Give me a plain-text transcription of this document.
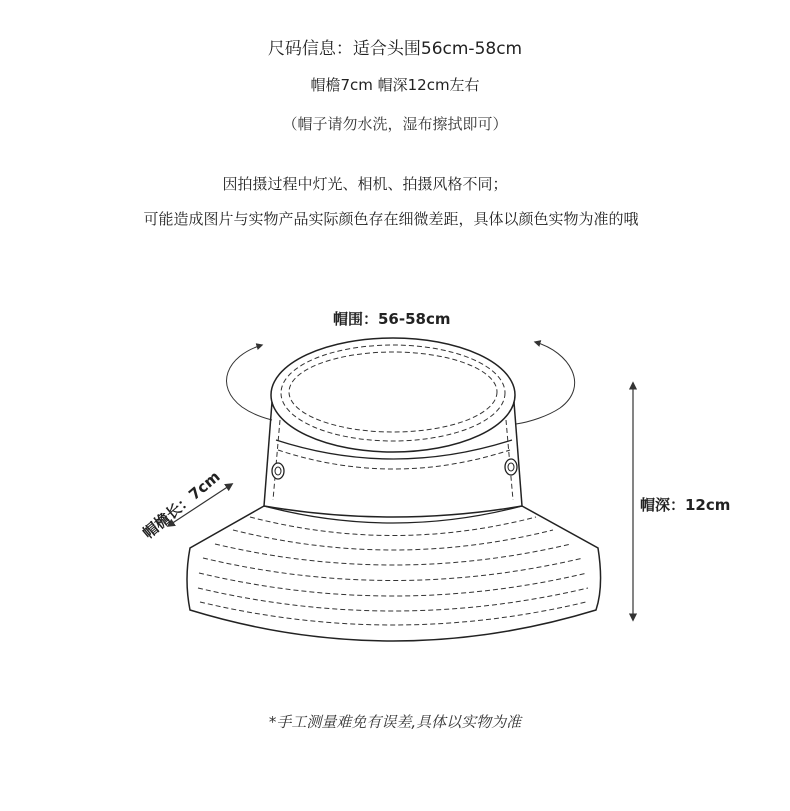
尺码信息：适合头围56cm-58cm
帽檐7cm 帽深12cm左右
（帽子请勿水洗，湿布擦拭即可）
因拍摄过程中灯光、相机、拍摄风格不同；
可能造成图片与实物产品实际颜色存在细微差距，具体以颜色实物为准的哦
帽围：56-58cm
帽深：12cm
帽檐长：7cm
*手工测量难免有误差,具体以实物为准
